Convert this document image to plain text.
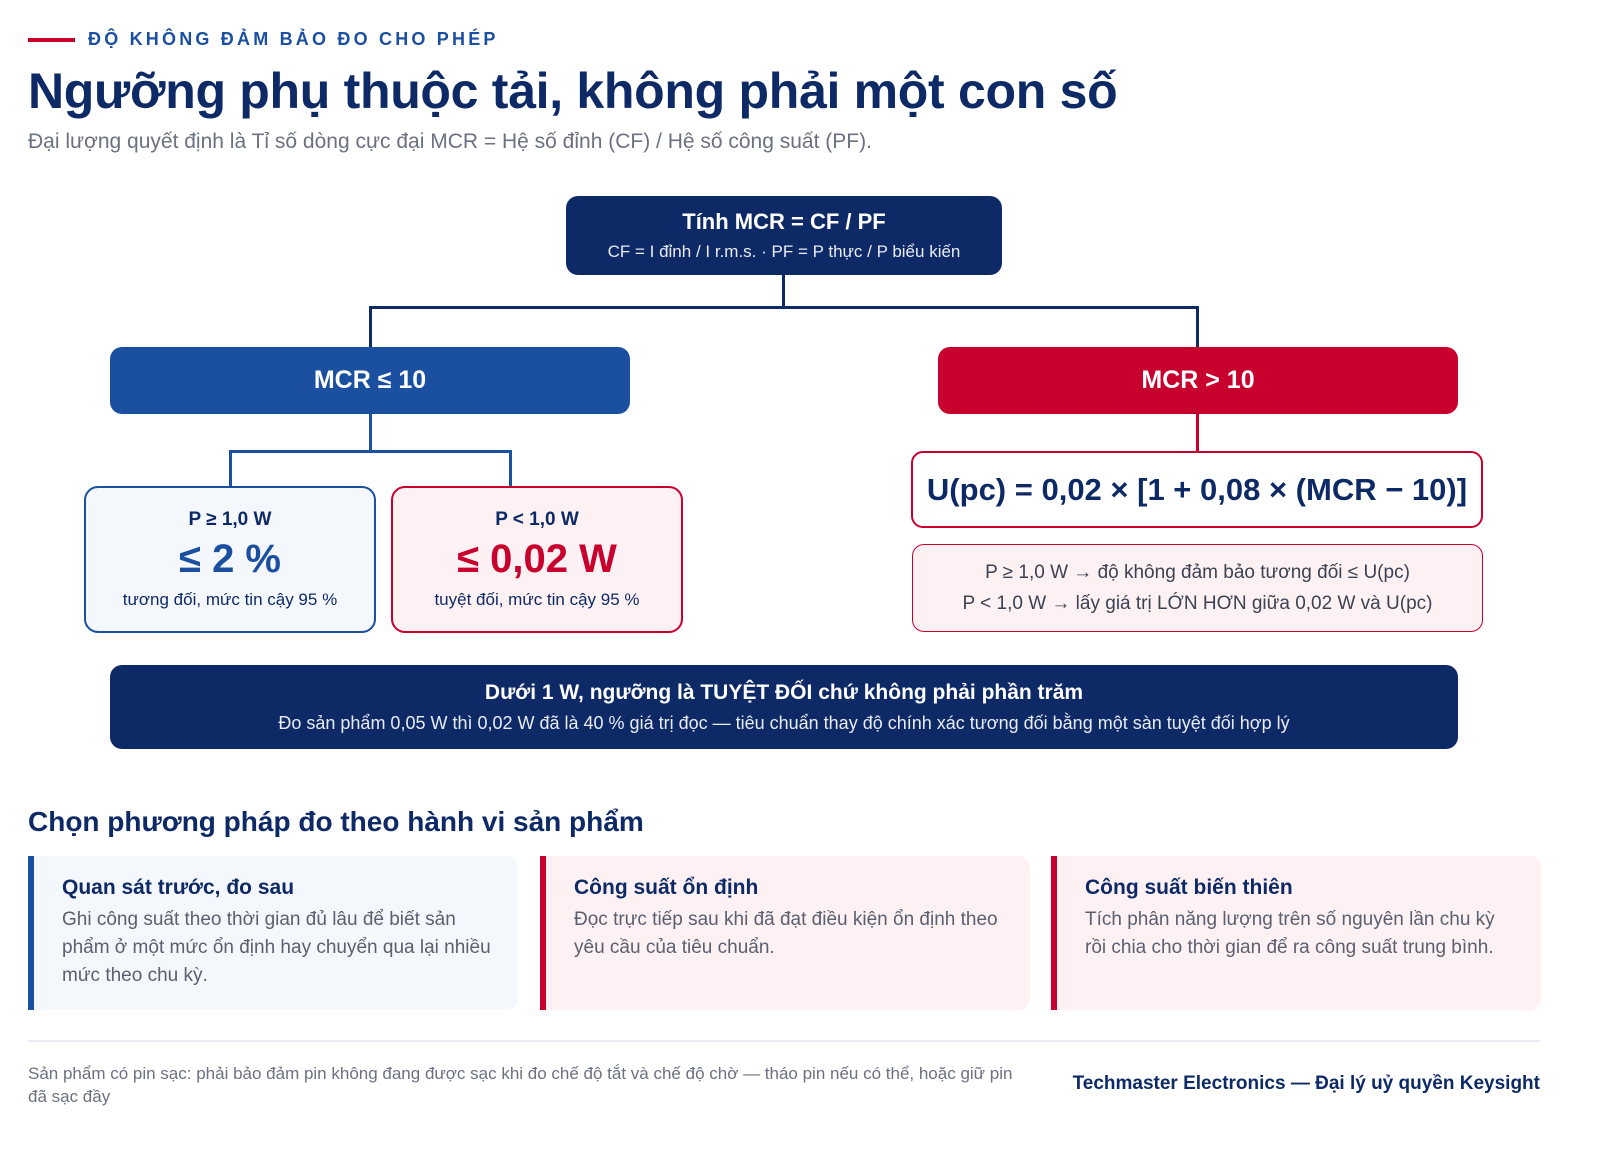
ĐỘ KHÔNG ĐẢM BẢO ĐO CHO PHÉP
Ngưỡng phụ thuộc tải, không phải một con số

Đại lượng quyết định là Tỉ số dòng cực đại MCR = Hệ số đỉnh (CF) / Hệ số công suất (PF).

Tính MCR = CF / PF
CF = I đỉnh / I r.m.s. · PF = P thực / P biểu kiến
MCR ≤ 10	MCR > 10
P ≥ 1,0 W
≤ 2 %
tương đối, mức tin cậy 95 %
P < 1,0 W
≤ 0,02 W
tuyệt đối, mức tin cậy 95 %
U(pc) = 0,02 × [1 + 0,08 × (MCR − 10)]
P ≥ 1,0 W → độ không đảm bảo tương đối ≤ U(pc)
P < 1,0 W → lấy giá trị LỚN HƠN giữa 0,02 W và U(pc)
Dưới 1 W, ngưỡng là TUYỆT ĐỐI chứ không phải phần trăm
Đo sản phẩm 0,05 W thì 0,02 W đã là 40 % giá trị đọc — tiêu chuẩn thay độ chính xác tương đối bằng một sàn tuyệt đối hợp lý
Chọn phương pháp đo theo hành vi sản phẩm
Quan sát trước, đo sau
Ghi công suất theo thời gian đủ lâu để biết sản phẩm ở một mức ổn định hay chuyển qua lại nhiều mức theo chu kỳ.
Công suất ổn định
Đọc trực tiếp sau khi đã đạt điều kiện ổn định theo yêu cầu của tiêu chuẩn.
Công suất biến thiên
Tích phân năng lượng trên số nguyên lần chu kỳ rồi chia cho thời gian để ra công suất trung bình.

Sản phẩm có pin sạc: phải bảo đảm pin không đang được sạc khi đo chế độ tắt và chế độ chờ — tháo pin nếu có thể, hoặc giữ pin đã sạc đầy

Techmaster Electronics — Đại lý uỷ quyền Keysight
